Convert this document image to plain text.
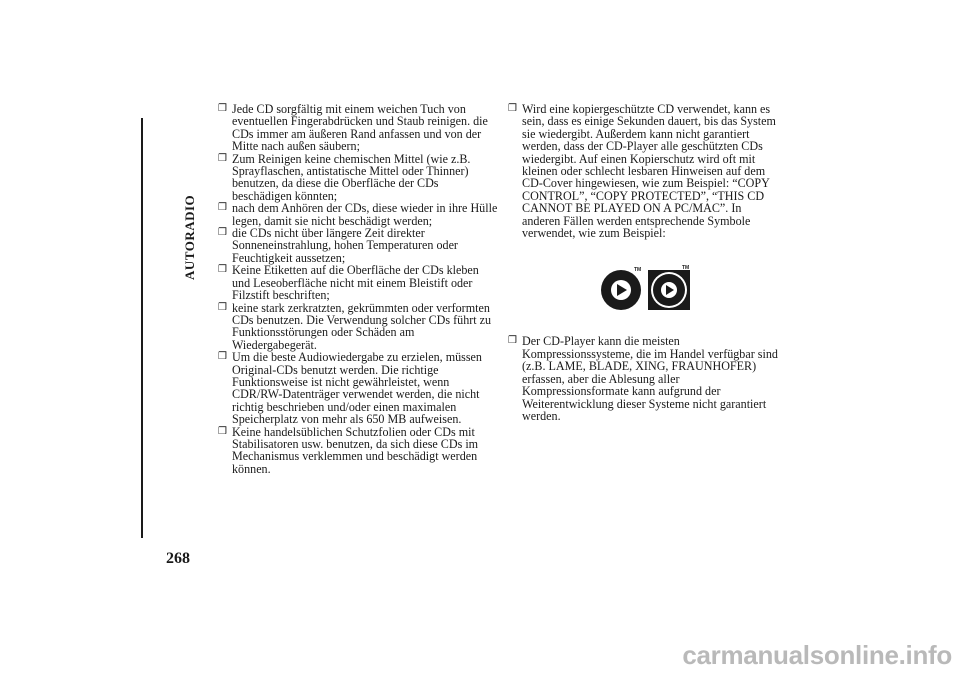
AUTORADIO
268
❒ Jede CD sorgfältig mit einem weichen Tuch von eventuellen Fingerabdrücken und Staub reinigen. die CDs immer am äußeren Rand anfassen und von der Mitte nach außen säubern;
❒ Zum Reinigen keine chemischen Mittel (wie z.B. Sprayflaschen, antistatische Mittel oder Thinner) benutzen, da diese die Oberfläche der CDs beschädigen könnten;
❒ nach dem Anhören der CDs, diese wieder in ihre Hülle legen, damit sie nicht beschädigt werden;
❒ die CDs nicht über längere Zeit direkter Sonneneinstrahlung, hohen Temperaturen oder Feuchtigkeit aussetzen;
❒ Keine Etiketten auf die Oberfläche der CDs kleben und Leseoberfläche nicht mit einem Bleistift oder Filzstift beschriften;
❒ keine stark zerkratzten, gekrümmten oder verformten CDs benutzen. Die Verwendung solcher CDs führt zu Funktionsstörungen oder Schäden am Wiedergabegerät.
❒ Um die beste Audiowiedergabe zu erzielen, müssen Original-CDs benutzt werden. Die richtige Funktionsweise ist nicht gewährleistet, wenn CDR/RW-Datenträger verwendet werden, die nicht richtig beschrieben und/oder einen maximalen Speicherplatz von mehr als 650 MB aufweisen.
❒ Keine handelsüblichen Schutzfolien oder CDs mit Stabilisatoren usw. benutzen, da sich diese CDs im Mechanismus verklemmen und beschädigt werden können.
❒ Wird eine kopiergeschützte CD verwendet, kann es sein, dass es einige Sekunden dauert, bis das System sie wiedergibt. Außerdem kann nicht garantiert werden, dass der CD-Player alle geschützten CDs wiedergibt. Auf einen Kopierschutz wird oft mit kleinen oder schlecht lesbaren Hinweisen auf dem CD-Cover hingewiesen, wie zum Beispiel: “COPY CONTROL”, “COPY PROTECTED”, “THIS CD CANNOT BE PLAYED ON A PC/MAC”. In anderen Fällen werden entsprechende Symbole verwendet, wie zum Beispiel:
TM	TM
❒ Der CD-Player kann die meisten Kompressionssysteme, die im Handel verfügbar sind (z.B. LAME, BLADE, XING, FRAUNHOFER) erfassen, aber die Ablesung aller Kompressionsformate kann aufgrund der Weiterentwicklung dieser Systeme nicht garantiert werden.
carmanualsonline.info
